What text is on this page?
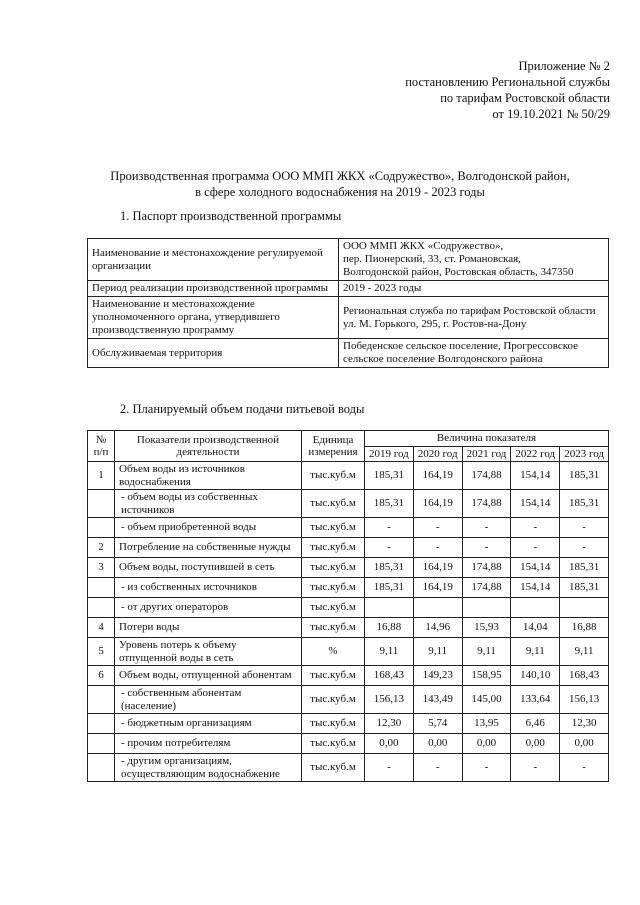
Приложение № 2
постановлению Региональной службы
по тарифам Ростовской области
от 19.10.2021 № 50/29
Производственная программа ООО ММП ЖКХ «Содружество», Волгодонской район,
в сфере холодного водоснабжения на 2019 - 2023 годы
1. Паспорт производственной программы
Наименование и местонахождение регулируемой организации	ООО ММП ЖКХ «Содружество»,
пер. Пионерский, 33, ст. Романовская,
Волгодонской район, Ростовская область, 347350

Период реализации производственной программы	2019 - 2023 годы

Наименование и местонахождение уполномоченного органа, утвердившего производственную программу	Региональная служба по тарифам Ростовской области
ул. М. Горького, 295, г. Ростов-на-Дону

Обслуживаемая территория	Победенское сельское поселение, Прогрессовское сельское поселение Волгодонского района
2. Планируемый объем подачи питьевой воды
№ п/п	Показатели производственной деятельности	Единица измерения	Величина показателя				
			2019 год	2020 год	2021 год	2022 год	2023 год
1	Объем воды из источников водоснабжения	тыс.куб.м	185,31	164,19	174,88	154,14	185,31
	- объем воды из собственных источников	тыс.куб.м	185,31	164,19	174,88	154,14	185,31
	- объем приобретенной воды	тыс.куб.м	-	-	-	-	-
2	Потребление на собственные нужды	тыс.куб.м	-	-	-	-	-
3	Объем воды, поступившей в сеть	тыс.куб.м	185,31	164,19	174,88	154,14	185,31
	- из собственных источников	тыс.куб.м	185,31	164,19	174,88	154,14	185,31
	- от других операторов	тыс.куб.м					
4	Потери воды	тыс.куб.м	16,88	14,96	15,93	14,04	16,88
5	Уровень потерь к объему отпущенной воды в сеть	%	9,11	9,11	9,11	9,11	9,11
6	Объем воды, отпущенной абонентам	тыс.куб.м	168,43	149,23	158,95	140,10	168,43
	- собственным абонентам (население)	тыс.куб.м	156,13	143,49	145,00	133,64	156,13
	- бюджетным организациям	тыс.куб.м	12,30	5,74	13,95	6,46	12,30
	- прочим потребителям	тыс.куб.м	0,00	0,00	0,00	0,00	0,00
	- другим организациям, осуществляющим водоснабжение	тыс.куб.м	-	-	-	-	-
